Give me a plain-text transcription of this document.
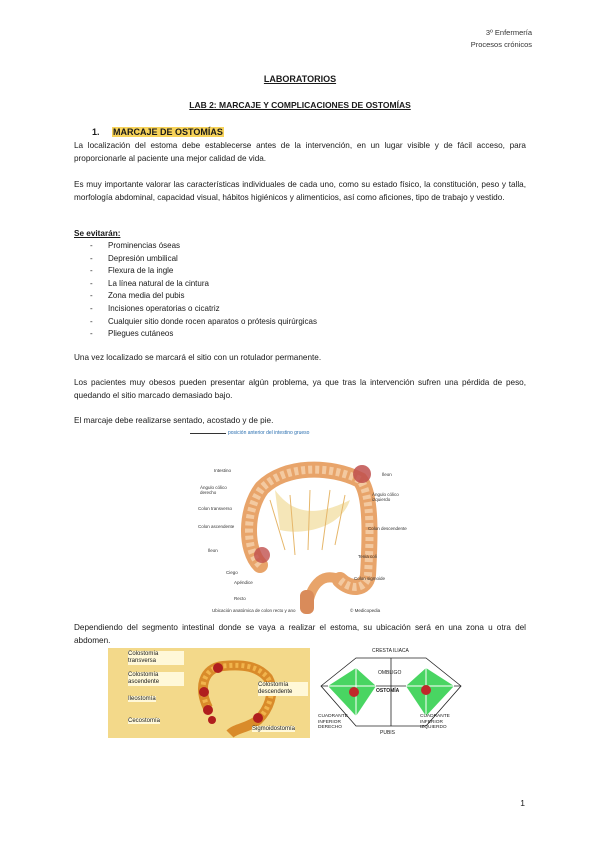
3º Enfermería
Procesos crónicos
LABORATORIOS
LAB 2: MARCAJE Y COMPLICACIONES DE OSTOMÍAS
1. MARCAJE DE OSTOMÍAS
La localización del estoma debe establecerse antes de la intervención, en un lugar visible y de fácil acceso, para proporcionarle al paciente una mejor calidad de vida.
Es muy importante valorar las características individuales de cada uno, como su estado físico, la constitución, peso y talla, morfología abdominal, capacidad visual, hábitos higiénicos y alimenticios, así como aficiones, tipo de trabajo y vestido.
Se evitarán:
- Prominencias óseas
- Depresión umbilical
- Flexura de la ingle
- La línea natural de la cintura
- Zona media del pubis
- Incisiones operatorias o cicatriz
- Cualquier sitio donde rocen aparatos o prótesis quirúrgicas
- Pliegues cutáneos
Una vez localizado se marcará el sitio con un rotulador permanente.
Los pacientes muy obesos pueden presentar algún problema, ya que tras la intervención sufren una pérdida de peso, quedando el sitio marcado demasiado bajo.
El marcaje debe realizarse sentado, acostado y de pie.
posición anterior del intestino grueso
Intestino
Ángulo cólico derecho
Colon transverso
Colon ascendente
Íleon
Ciego
Apéndice
Recto
Íleon
Ángulo cólico izquierdo
Colon descendente
Tenia coli
Colon sigmoide
Ubicación anatómica de colon recto y ano	© Medicopedia
Dependiendo del segmento intestinal donde se vaya a realizar el estoma, su ubicación será en una zona u otra del abdomen.
Colostomía transversa
Colostomía ascendente
Ileostomía
Cecostomía
Colostomía descendente
Sigmoidostomía
CRESTA ILIACA
OMBLIGO
OSTOMÍA
CUADRANTE INFERIOR DERECHO
CUADRANTE INFERIOR IZQUIERDO
PUBIS
1
